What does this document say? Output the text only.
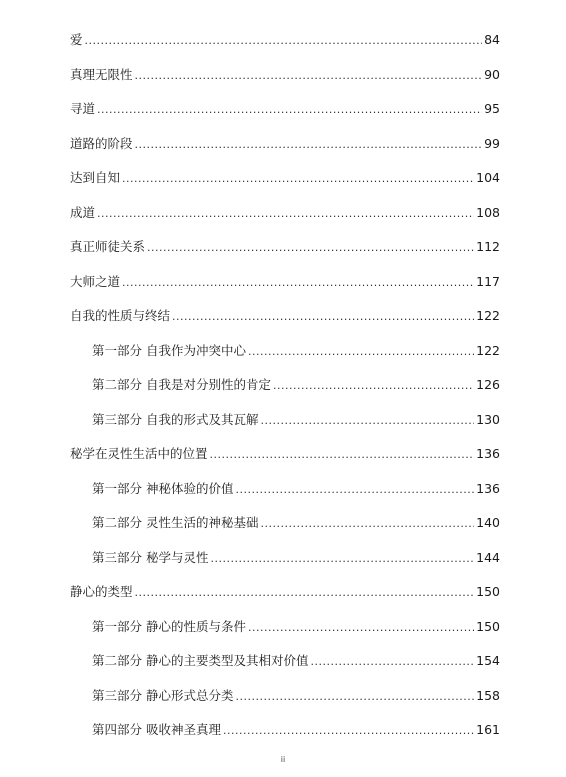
爱 .....	84
真理无限性 .....	90
寻道 .....	95
道路的阶段 .....	99
达到自知 .....	104
成道 .....	108
真正师徒关系 .....	112
大师之道 .....	117
自我的性质与终结 .....	122
第一部分 自我作为冲突中心 .....	122
第二部分 自我是对分别性的肯定 .....	126
第三部分 自我的形式及其瓦解 .....	130
秘学在灵性生活中的位置 .....	136
第一部分 神秘体验的价值 .....	136
第二部分 灵性生活的神秘基础 .....	140
第三部分 秘学与灵性 .....	144
静心的类型 .....	150
第一部分 静心的性质与条件 .....	150
第二部分 静心的主要类型及其相对价值 .....	154
第三部分 静心形式总分类 .....	158
第四部分 吸收神圣真理 .....	161
ii
